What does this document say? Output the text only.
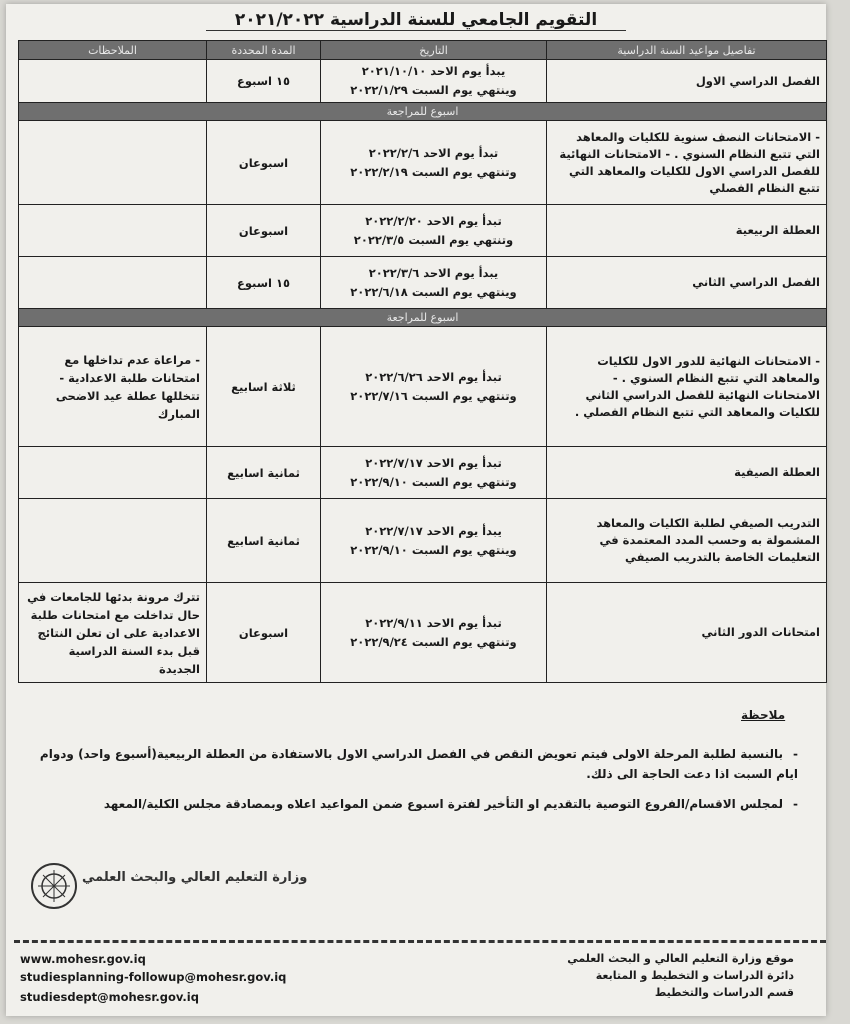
التقويم الجامعي للسنة الدراسية ٢٠٢١/٢٠٢٢
تفاصيل مواعيد السنة الدراسية	التاريخ	المدة المحددة	الملاحظات
الفصل الدراسي الاول	يبدأ يوم الاحد ٢٠٢١/١٠/١٠
وينتهي يوم السبت ٢٠٢٢/١/٢٩	١٥ اسبوع	
اسبوع للمراجعة			
- الامتحانات النصف سنوية للكليات والمعاهد التي تتبع النظام السنوي . - الامتحانات النهائية للفصل الدراسي الاول للكليات والمعاهد التي تتبع النظام الفصلي	تبدأ يوم الاحد ٢٠٢٢/٢/٦
وتنتهي يوم السبت ٢٠٢٢/٢/١٩	اسبوعان	
العطلة الربيعية	تبدأ يوم الاحد ٢٠٢٢/٢/٢٠
وتنتهي يوم السبت ٢٠٢٢/٣/٥	اسبوعان	
الفصل الدراسي الثاني	يبدأ يوم الاحد ٢٠٢٢/٣/٦
وينتهي يوم السبت ٢٠٢٢/٦/١٨	١٥ اسبوع	
اسبوع للمراجعة			
- الامتحانات النهائية للدور الاول للكليات والمعاهد التي تتبع النظام السنوي . - الامتحانات النهائية للفصل الدراسي الثاني للكليات والمعاهد التي تتبع النظام الفصلي .	تبدأ يوم الاحد ٢٠٢٢/٦/٢٦
وتنتهي يوم السبت ٢٠٢٢/٧/١٦	ثلاثة اسابيع	- مراعاة عدم تداخلها مع امتحانات طلبة الاعدادية - تتخللها عطلة عيد الاضحى المبارك
العطلة الصيفية	تبدأ يوم الاحد ٢٠٢٢/٧/١٧
وتنتهي يوم السبت ٢٠٢٢/٩/١٠	ثمانية اسابيع	
التدريب الصيفي لطلبة الكليات والمعاهد المشمولة به وحسب المدد المعتمدة في التعليمات الخاصة بالتدريب الصيفي	يبدأ يوم الاحد ٢٠٢٢/٧/١٧
وينتهي يوم السبت ٢٠٢٢/٩/١٠	ثمانية اسابيع	
امتحانات الدور الثاني	تبدأ يوم الاحد ٢٠٢٢/٩/١١
وتنتهي يوم السبت ٢٠٢٢/٩/٢٤	اسبوعان	تترك مرونة بدئها للجامعات في حال تداخلت مع امتحانات طلبة الاعدادية على ان تعلن النتائج قبل بدء السنة الدراسية الجديدة
ملاحظة
-بالنسبة لطلبة المرحلة الاولى فيتم تعويض النقص في الفصل الدراسي الاول بالاستفادة من العطلة الربيعية(أسبوع واحد) ودوام ايام السبت اذا دعت الحاجة الى ذلك.
-لمجلس الاقسام/الفروع التوصية بالتقديم او التأخير لفترة اسبوع ضمن المواعيد اعلاه وبمصادقة مجلس الكلية/المعهد
وزارة التعليم العالي والبحث العلمي
www.mohesr.gov.iq
studiesplanning-followup@mohesr.gov.iq
studiesdept@mohesr.gov.iq
موقع وزارة التعليم العالي و البحث العلمي
دائرة الدراسات و التخطيط و المتابعة
قسم الدراسات والتخطيط
